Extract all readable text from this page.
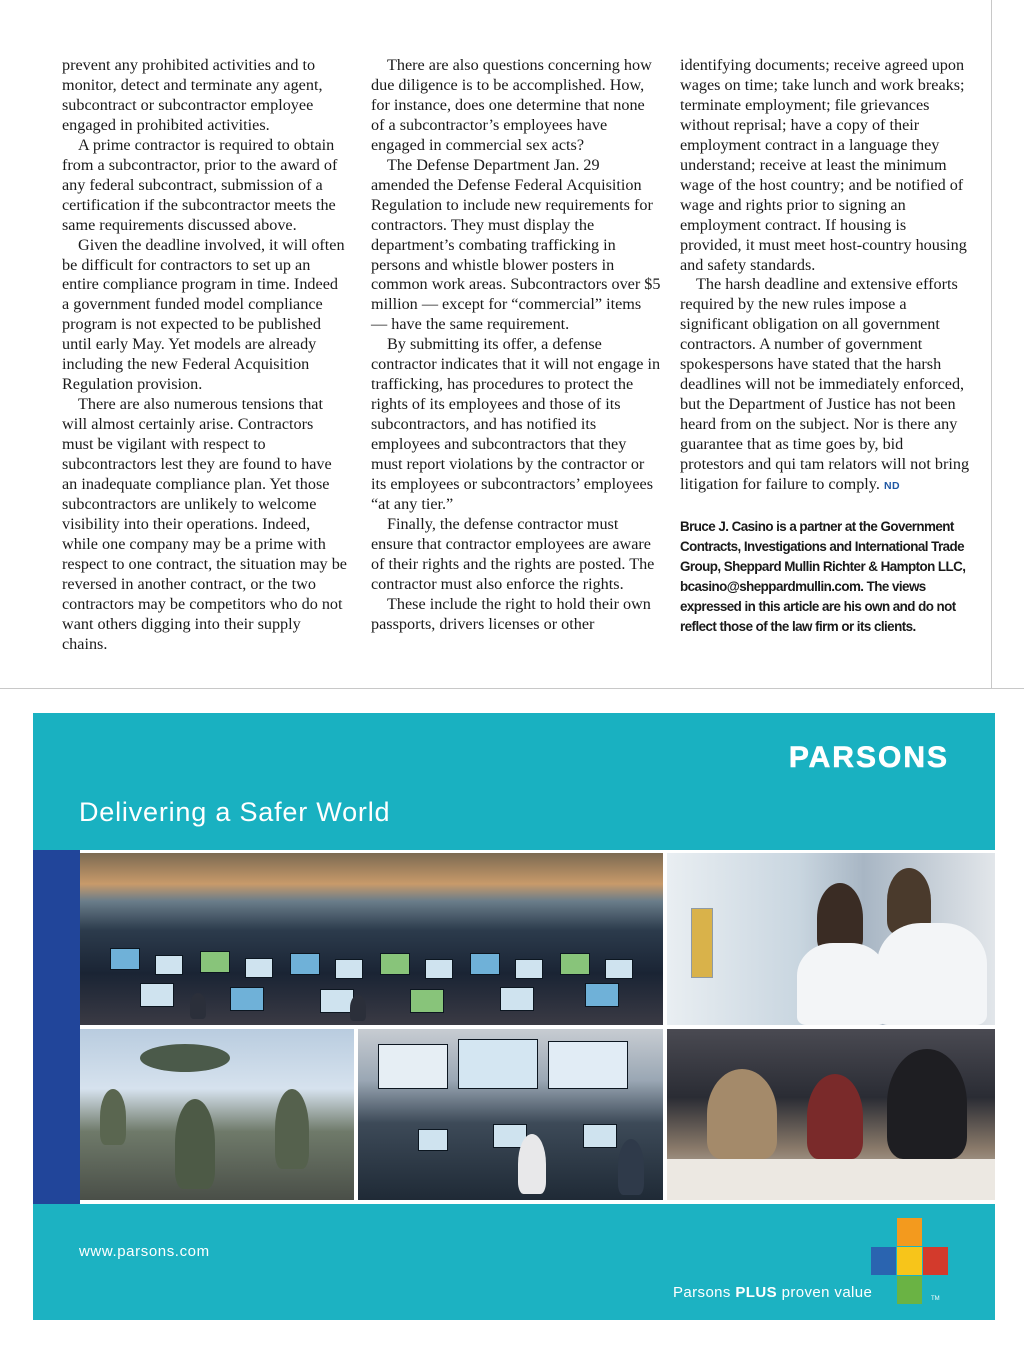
prevent any prohibited activities and to monitor, detect and terminate any agent, subcontract or subcontractor employee engaged in prohibited activities.

A prime contractor is required to obtain from a subcontractor, prior to the award of any federal subcontract, submission of a certification if the subcontractor meets the same requirements discussed above.

Given the deadline involved, it will often be difficult for contractors to set up an entire compliance program in time. Indeed a government funded model compliance program is not expected to be published until early May. Yet models are already including the new Federal Acquisition Regulation provision.

There are also numerous tensions that will almost certainly arise. Contractors must be vigilant with respect to subcontractors lest they are found to have an inadequate compliance plan. Yet those subcontractors are unlikely to welcome visibility into their operations. Indeed, while one company may be a prime with respect to one contract, the situation may be reversed in another contract, or the two contractors may be competitors who do not want others digging into their supply chains.

There are also questions concerning how due diligence is to be accomplished. How, for instance, does one determine that none of a subcontractor’s employees have engaged in commercial sex acts?

The Defense Department Jan. 29 amended the Defense Federal Acquisition Regulation to include new requirements for contractors. They must display the department’s combating trafficking in persons and whistle blower posters in common work areas. Subcontractors over $5 million — except for “commercial” items — have the same requirement.

By submitting its offer, a defense contractor indicates that it will not engage in trafficking, has procedures to protect the rights of its employees and those of its subcontractors, and has notified its employees and subcontractors that they must report violations by the contractor or its employees or subcontractors’ employees “at any tier.”

Finally, the defense contractor must ensure that contractor employees are aware of their rights and the rights are posted. The contractor must also enforce the rights.

These include the right to hold their own passports, drivers licenses or other

identifying documents; receive agreed upon wages on time; take lunch and work breaks; terminate employment; file grievances without reprisal; have a copy of their employment contract in a language they understand; receive at least the minimum wage of the host country; and be notified of wage and rights prior to signing an employment contract. If housing is provided, it must meet host-country housing and safety standards.

The harsh deadline and extensive efforts required by the new rules impose a significant obligation on all government contractors. A number of government spokespersons have stated that the harsh deadlines will not be immediately enforced, but the Department of Justice has not been heard from on the subject. Nor is there any guarantee that as time goes by, bid protestors and qui tam relators will not bring litigation for failure to comply. ND

Bruce J. Casino is a partner at the Government Contracts, Investigations and International Trade Group, Sheppard Mullin Richter & Hampton LLC, bcasino@sheppardmullin.com. The views expressed in this article are his own and do not reflect those of the law firm or its clients.

PARSONS
Delivering a Safer World
www.parsons.com
Parsons PLUS proven value	TM
